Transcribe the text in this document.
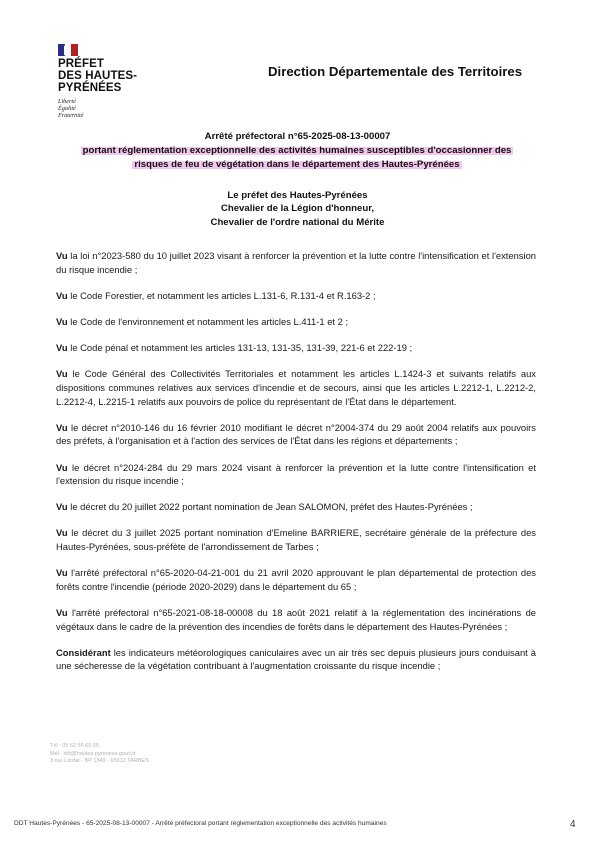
PRÉFET
DES HAUTES-
PYRÉNÉES
Liberté
Égalité
Fraternité
Direction Départementale des Territoires
Arrêté préfectoral n°65-2025-08-13-00007
portant réglementation exceptionnelle des activités humaines susceptibles d'occasionner des
risques de feu de végétation dans le département des Hautes-Pyrénées
Le préfet des Hautes-Pyrénées
Chevalier de la Légion d'honneur,
Chevalier de l'ordre national du Mérite

Vu la loi n°2023-580 du 10 juillet 2023 visant à renforcer la prévention et la lutte contre l'intensification et l'extension du risque incendie ;

Vu le Code Forestier, et notamment les articles L.131-6, R.131-4 et R.163-2 ;

Vu le Code de l'environnement et notamment les articles L.411-1 et 2 ;

Vu le Code pénal et notamment les articles 131-13, 131-35, 131-39, 221-6 et 222-19 ;

Vu le Code Général des Collectivités Territoriales et notamment les articles L.1424-3 et suivants relatifs aux dispositions communes relatives aux services d'incendie et de secours, ainsi que les articles L.2212-1, L.2212-2, L.2212-4, L.2215-1 relatifs aux pouvoirs de police du représentant de l'État dans le département.

Vu le décret n°2010-146 du 16 février 2010 modifiant le décret n°2004-374 du 29 août 2004 relatifs aux pouvoirs des préfets, à l'organisation et à l'action des services de l'État dans les régions et départements ;

Vu le décret n°2024-284 du 29 mars 2024 visant à renforcer la prévention et la lutte contre l'intensification et l'extension du risque incendie ;

Vu le décret du 20 juillet 2022 portant nomination de Jean SALOMON, préfet des Hautes-Pyrénées ;

Vu le décret du 3 juillet 2025 portant nomination d'Emeline BARRIERE, secrétaire générale de la préfecture des Hautes-Pyrénées, sous-préfète de l'arrondissement de Tarbes ;

Vu l'arrêté préfectoral n°65-2020-04-21-001 du 21 avril 2020 approuvant le plan départemental de protection des forêts contre l'incendie (période 2020-2029) dans le département du 65 ;

Vu l'arrêté préfectoral n°65-2021-08-18-00008 du 18 août 2021 relatif à la réglementation des incinérations de végétaux dans le cadre de la prévention des incendies de forêts dans le département des Hautes-Pyrénées ;

Considérant les indicateurs météorologiques caniculaires avec un air très sec depuis plusieurs jours conduisant à une sécheresse de la végétation contribuant à l'augmentation croissante du risque incendie ;

Tél : 05 62 56 65 65
Mél : ddt@hautes-pyrenees.gouv.fr
3 rue Lordat - BP 1349 - 65013 TARBES
DDT Hautes-Pyrénées - 65-2025-08-13-00007 - Arrêté préfectoral portant réglementation exceptionnelle des activités humaines	4
